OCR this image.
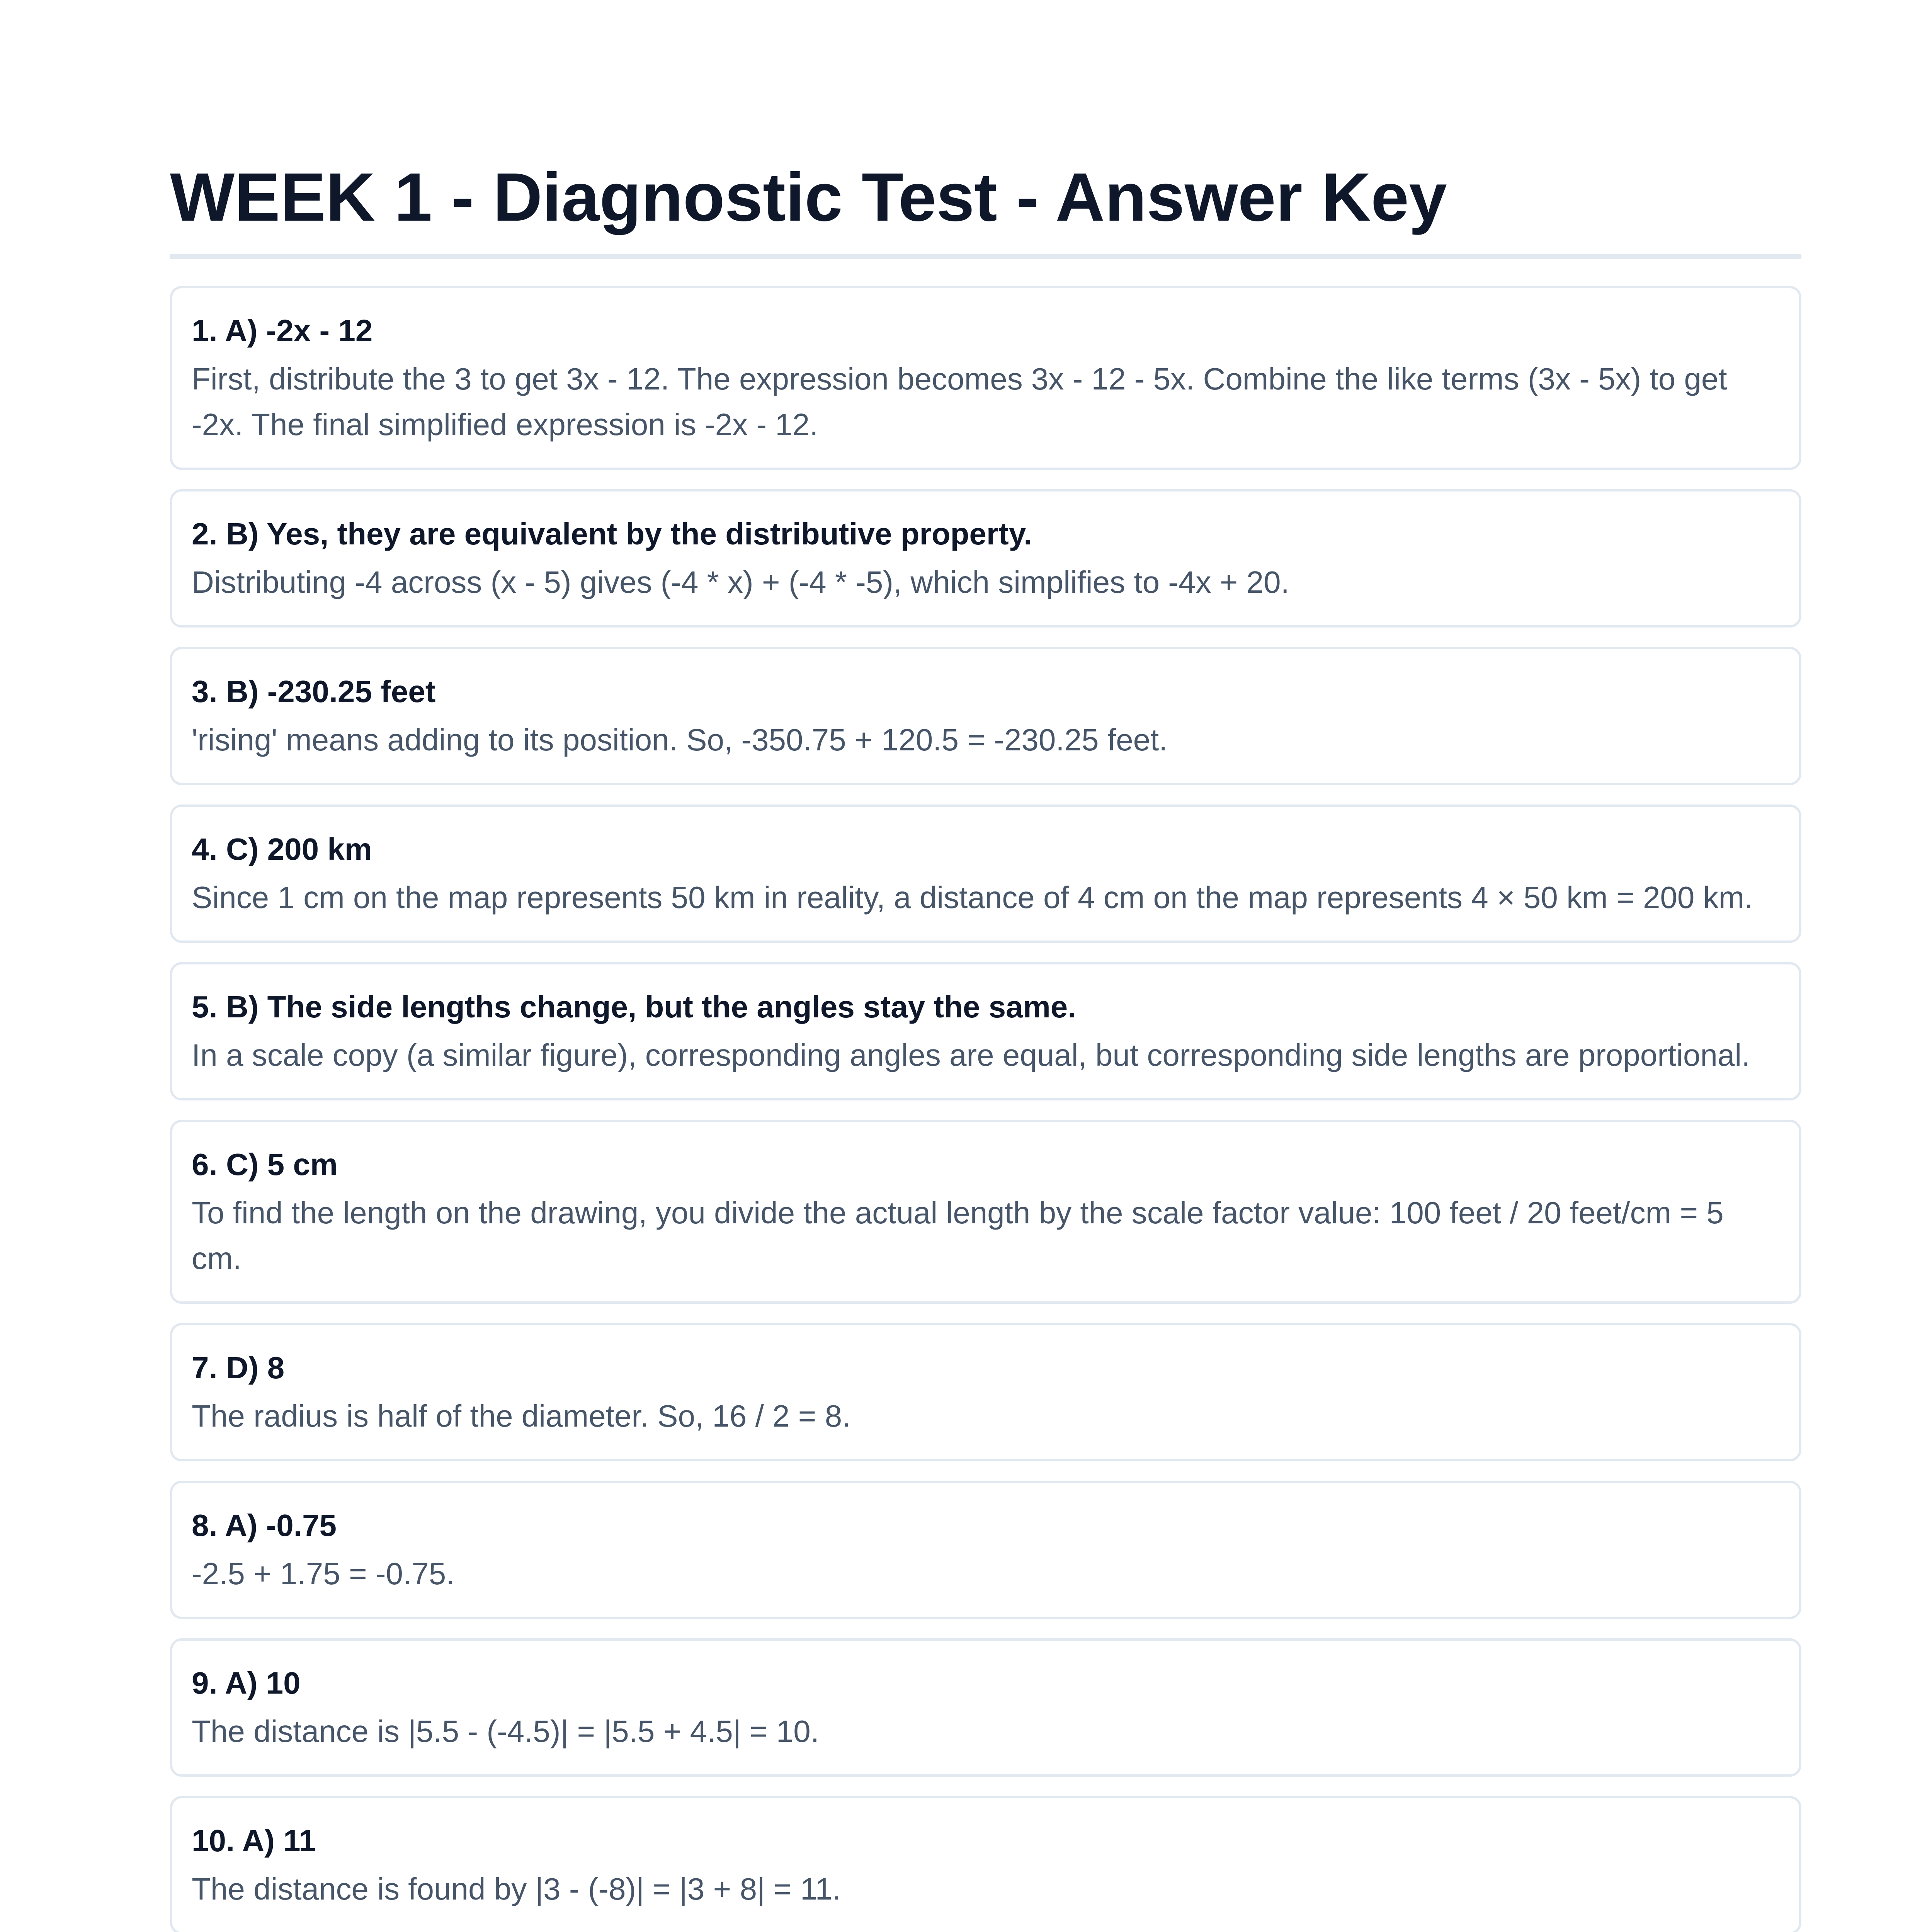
WEEK 1 - Diagnostic Test - Answer Key
1. A) -2x - 12

First, distribute the 3 to get 3x - 12. The expression becomes 3x - 12 - 5x. Combine the like terms (3x - 5x) to get -2x. The final simplified expression is -2x - 12.

2. B) Yes, they are equivalent by the distributive property.

Distributing -4 across (x - 5) gives (-4 * x) + (-4 * -5), which simplifies to -4x + 20.

3. B) -230.25 feet

'rising' means adding to its position. So, -350.75 + 120.5 = -230.25 feet.

4. C) 200 km

Since 1 cm on the map represents 50 km in reality, a distance of 4 cm on the map represents 4 × 50 km = 200 km.

5. B) The side lengths change, but the angles stay the same.

In a scale copy (a similar figure), corresponding angles are equal, but corresponding side lengths are proportional.

6. C) 5 cm

To find the length on the drawing, you divide the actual length by the scale factor value: 100 feet / 20 feet/cm = 5 cm.

7. D) 8

The radius is half of the diameter. So, 16 / 2 = 8.

8. A) -0.75

-2.5 + 1.75 = -0.75.

9. A) 10

The distance is |5.5 - (-4.5)| = |5.5 + 4.5| = 10.

10. A) 11

The distance is found by |3 - (-8)| = |3 + 8| = 11.
